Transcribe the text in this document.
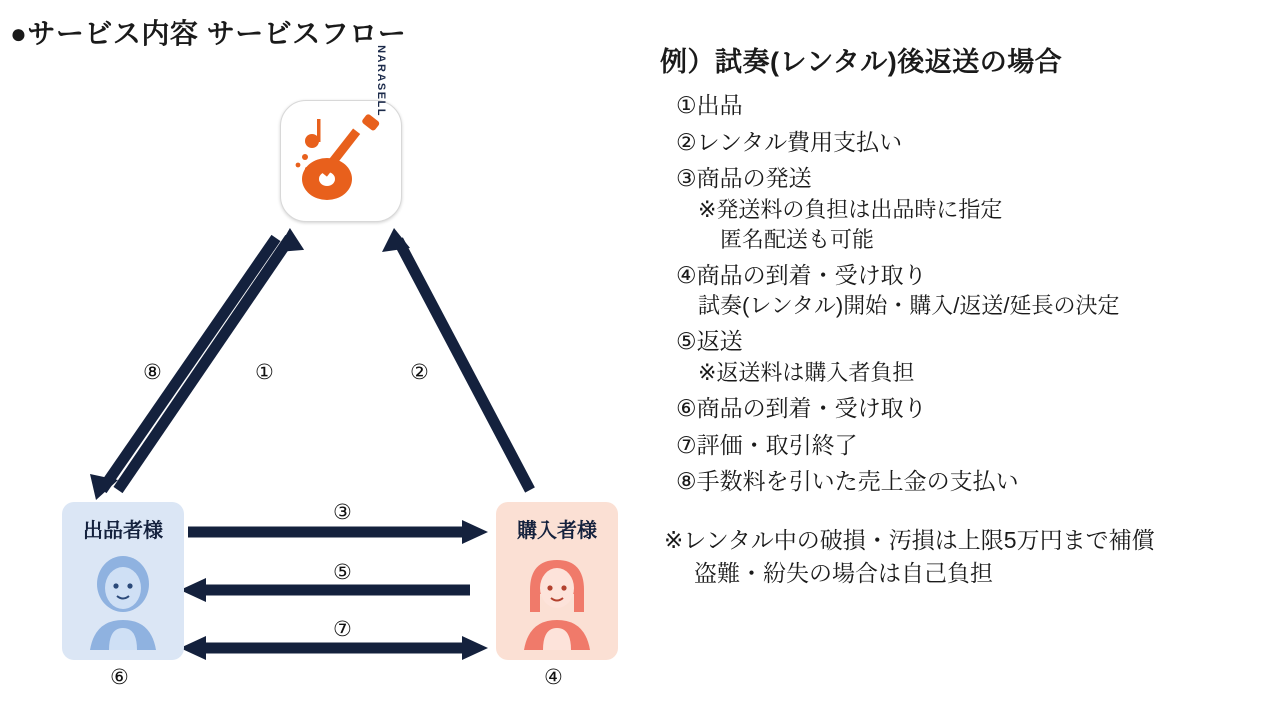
●サービス内容 サービスフロー
NARASELL
出品者様	購入者様
⑧	①	②
③
⑤
⑦
⑥	④
例）試奏(レンタル)後返送の場合
①出品
②レンタル費用支払い
③商品の発送
※発送料の負担は出品時に指定
匿名配送も可能
④商品の到着・受け取り
試奏(レンタル)開始・購入/返送/延長の決定
⑤返送
※返送料は購入者負担
⑥商品の到着・受け取り
⑦評価・取引終了
⑧手数料を引いた売上金の支払い
※レンタル中の破損・汚損は上限5万円まで補償
盗難・紛失の場合は自己負担
